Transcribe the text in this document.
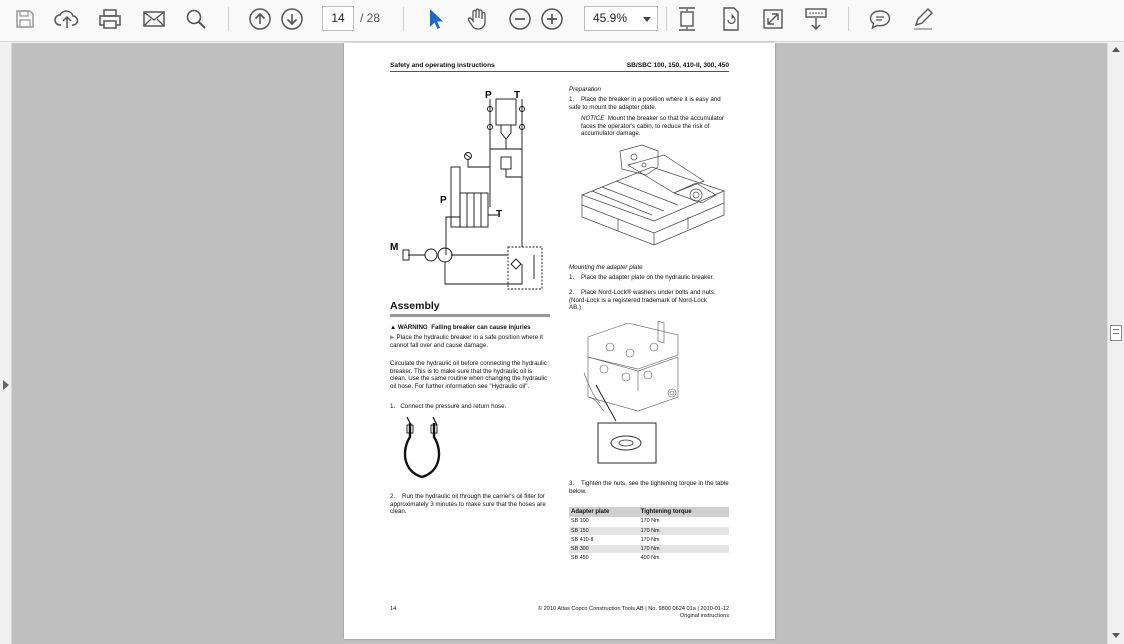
14	/ 28	45.9%
Safety and operating instructions	SB/SBC 100, 150, 410-II, 300, 450
P T
P
T
M
Assembly
▲ WARNING Falling breaker can cause injuries
▶ Place the hydraulic breaker in a safe position where it cannot fall over and cause damage.
Circulate the hydraulic oil before connecting the hydraulic breaker. This is to make sure that the hydraulic oil is clean. Use the same routine when changing the hydraulic oil hose. For further information see "Hydraulic oil".
1.   Connect the pressure and return hose.
2. Run the hydraulic oil through the carrier's oil filter for approximately 3 minutes to make sure that the hoses are clean.
Preparation
1. Place the breaker in a position where it is easy and safe to mount the adapter plate.
NOTICE Mount the breaker so that the accumulator faces the operator's cabin, to reduce the risk of accumulator damage.
Mounting the adapter plate
1. Place the adapter plate on the hydraulic breaker.
2. Place Nord-Lock® washers under bolts and nuts. (Nord-Lock is a registered trademark of Nord-Lock AB.)
3. Tighten the nuts, see the tightening torque in the table below.
Adapter plate	Tightening torque
SB 100	170 Nm
SB 150	170 Nm
SB 410-II	170 Nm
SB 300	170 Nm
SB 450	400 Nm
14	© 2010 Atlas Copco Construction Tools AB | No. 9800 0624 01a | 2010-01-12
Original instructions
